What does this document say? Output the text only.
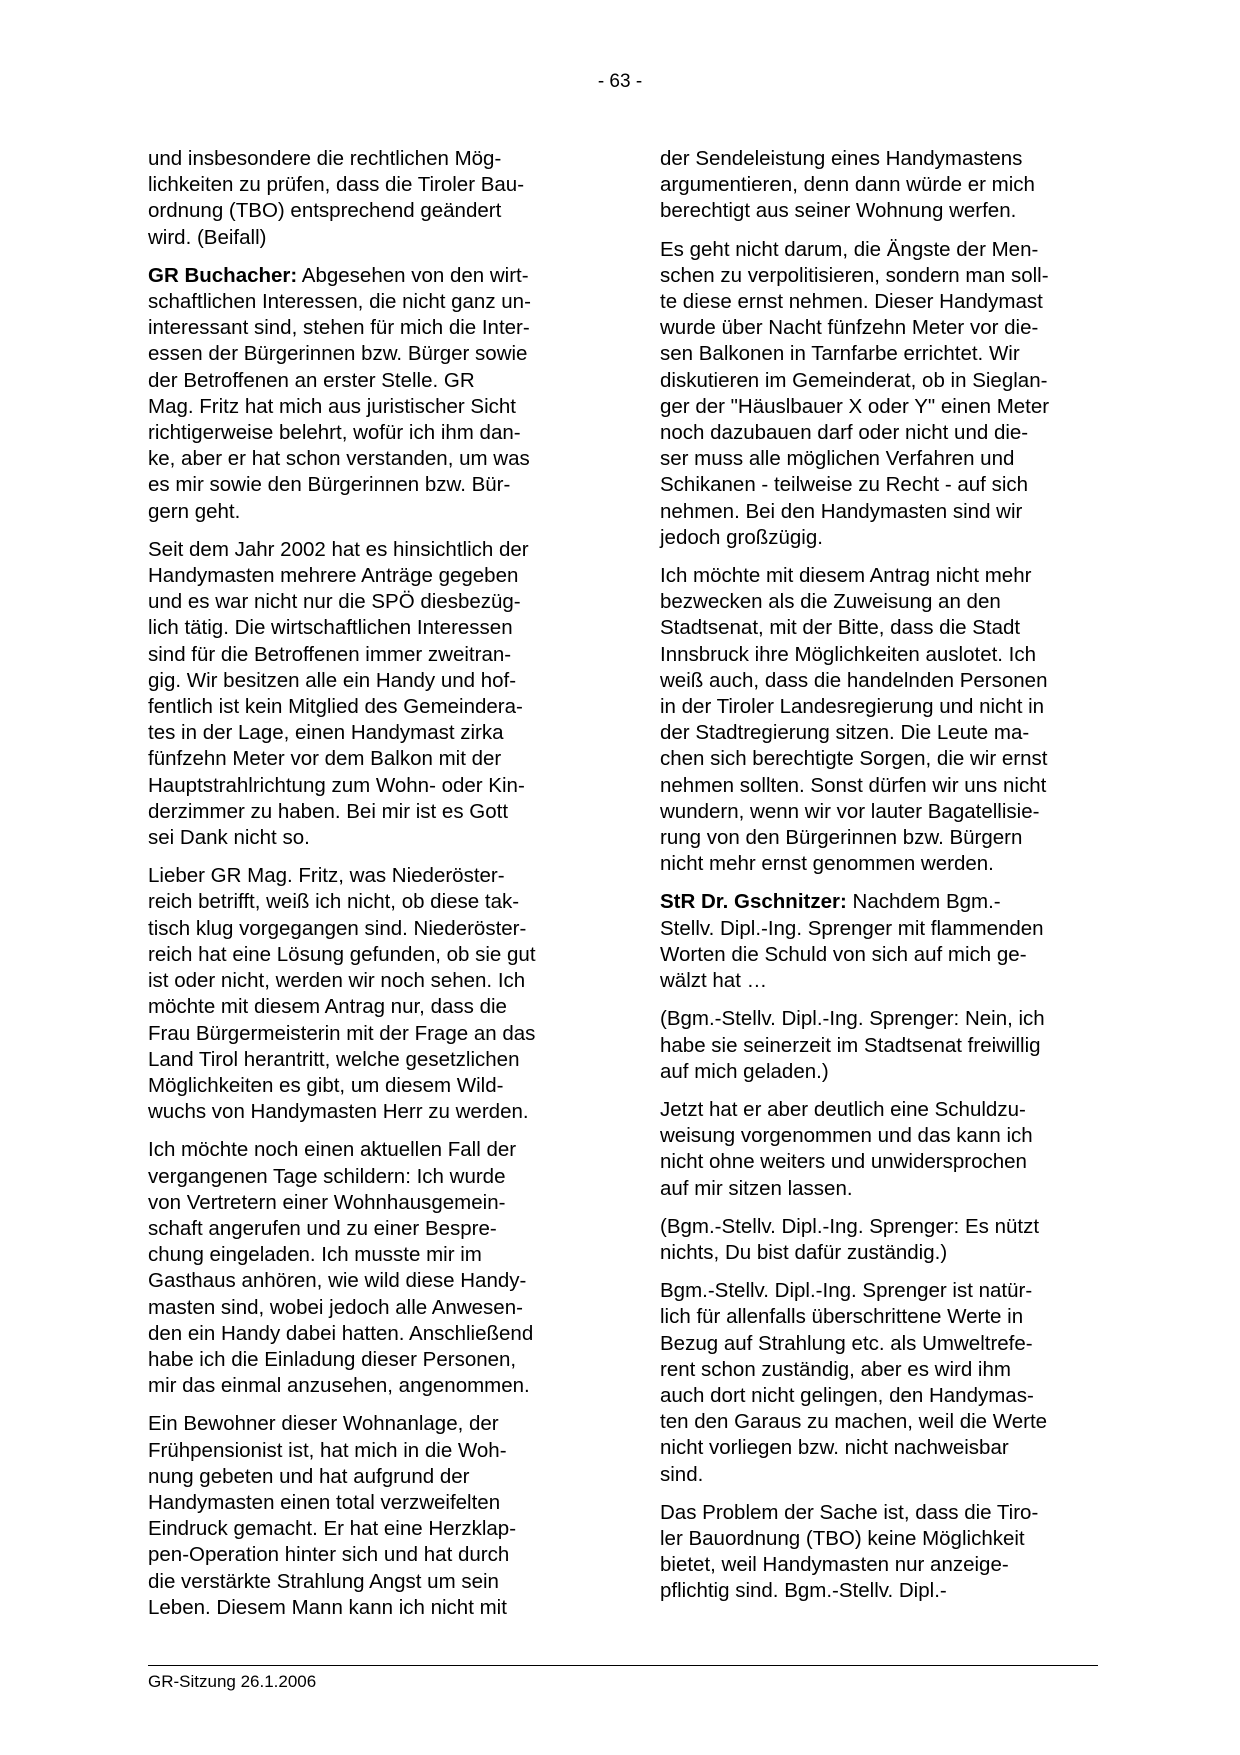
- 63 -

und insbesondere die rechtlichen Mög-
lichkeiten zu prüfen, dass die Tiroler Bau-
ordnung (TBO) entsprechend geändert
wird. (Beifall)

GR Buchacher: Abgesehen von den wirt-
schaftlichen Interessen, die nicht ganz un-
interessant sind, stehen für mich die Inter-
essen der Bürgerinnen bzw. Bürger sowie
der Betroffenen an erster Stelle. GR
Mag. Fritz hat mich aus juristischer Sicht
richtigerweise belehrt, wofür ich ihm dan-
ke, aber er hat schon verstanden, um was
es mir sowie den Bürgerinnen bzw. Bür-
gern geht.

Seit dem Jahr 2002 hat es hinsichtlich der
Handymasten mehrere Anträge gegeben
und es war nicht nur die SPÖ diesbezüg-
lich tätig. Die wirtschaftlichen Interessen
sind für die Betroffenen immer zweitran-
gig. Wir besitzen alle ein Handy und hof-
fentlich ist kein Mitglied des Gemeindera-
tes in der Lage, einen Handymast zirka
fünfzehn Meter vor dem Balkon mit der
Hauptstrahlrichtung zum Wohn- oder Kin-
derzimmer zu haben. Bei mir ist es Gott
sei Dank nicht so.

Lieber GR Mag. Fritz, was Niederöster-
reich betrifft, weiß ich nicht, ob diese tak-
tisch klug vorgegangen sind. Niederöster-
reich hat eine Lösung gefunden, ob sie gut
ist oder nicht, werden wir noch sehen. Ich
möchte mit diesem Antrag nur, dass die
Frau Bürgermeisterin mit der Frage an das
Land Tirol herantritt, welche gesetzlichen
Möglichkeiten es gibt, um diesem Wild-
wuchs von Handymasten Herr zu werden.

Ich möchte noch einen aktuellen Fall der
vergangenen Tage schildern: Ich wurde
von Vertretern einer Wohnhausgemein-
schaft angerufen und zu einer Bespre-
chung eingeladen. Ich musste mir im
Gasthaus anhören, wie wild diese Handy-
masten sind, wobei jedoch alle Anwesen-
den ein Handy dabei hatten. Anschließend
habe ich die Einladung dieser Personen,
mir das einmal anzusehen, angenommen.

Ein Bewohner dieser Wohnanlage, der
Frühpensionist ist, hat mich in die Woh-
nung gebeten und hat aufgrund der
Handymasten einen total verzweifelten
Eindruck gemacht. Er hat eine Herzklap-
pen-Operation hinter sich und hat durch
die verstärkte Strahlung Angst um sein
Leben. Diesem Mann kann ich nicht mit

der Sendeleistung eines Handymastens
argumentieren, denn dann würde er mich
berechtigt aus seiner Wohnung werfen.

Es geht nicht darum, die Ängste der Men-
schen zu verpolitisieren, sondern man soll-
te diese ernst nehmen. Dieser Handymast
wurde über Nacht fünfzehn Meter vor die-
sen Balkonen in Tarnfarbe errichtet. Wir
diskutieren im Gemeinderat, ob in Sieglan-
ger der "Häuslbauer X oder Y" einen Meter
noch dazubauen darf oder nicht und die-
ser muss alle möglichen Verfahren und
Schikanen - teilweise zu Recht - auf sich
nehmen. Bei den Handymasten sind wir
jedoch großzügig.

Ich möchte mit diesem Antrag nicht mehr
bezwecken als die Zuweisung an den
Stadtsenat, mit der Bitte, dass die Stadt
Innsbruck ihre Möglichkeiten auslotet. Ich
weiß auch, dass die handelnden Personen
in der Tiroler Landesregierung und nicht in
der Stadtregierung sitzen. Die Leute ma-
chen sich berechtigte Sorgen, die wir ernst
nehmen sollten. Sonst dürfen wir uns nicht
wundern, wenn wir vor lauter Bagatellisie-
rung von den Bürgerinnen bzw. Bürgern
nicht mehr ernst genommen werden.

StR Dr. Gschnitzer: Nachdem Bgm.-
Stellv. Dipl.-Ing. Sprenger mit flammenden
Worten die Schuld von sich auf mich ge-
wälzt hat …

(Bgm.-Stellv. Dipl.-Ing. Sprenger: Nein, ich
habe sie seinerzeit im Stadtsenat freiwillig
auf mich geladen.)

Jetzt hat er aber deutlich eine Schuldzu-
weisung vorgenommen und das kann ich
nicht ohne weiters und unwidersprochen
auf mir sitzen lassen.

(Bgm.-Stellv. Dipl.-Ing. Sprenger: Es nützt
nichts, Du bist dafür zuständig.)

Bgm.-Stellv. Dipl.-Ing. Sprenger ist natür-
lich für allenfalls überschrittene Werte in
Bezug auf Strahlung etc. als Umweltrefe-
rent schon zuständig, aber es wird ihm
auch dort nicht gelingen, den Handymas-
ten den Garaus zu machen, weil die Werte
nicht vorliegen bzw. nicht nachweisbar
sind.

Das Problem der Sache ist, dass die Tiro-
ler Bauordnung (TBO) keine Möglichkeit
bietet, weil Handymasten nur anzeige-
pflichtig sind. Bgm.-Stellv. Dipl.-

GR-Sitzung 26.1.2006
